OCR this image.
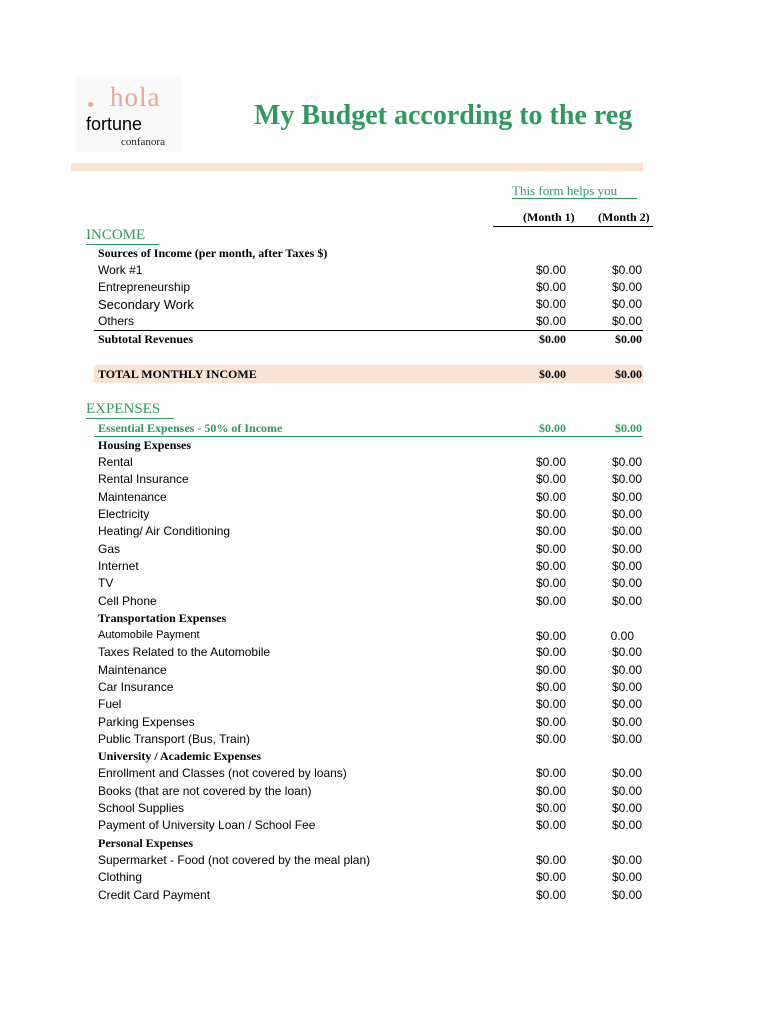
hola
fortune
confanora
My Budget according to the reg
This form helps you
(Month 1) (Month 2)
INCOME
Sources of Income (per month, after Taxes $)
Work #1	$0.00	$0.00
Entrepreneurship	$0.00	$0.00
Secondary Work	$0.00	$0.00
Others	$0.00	$0.00
Subtotal Revenues	$0.00	$0.00
TOTAL MONTHLY INCOME	$0.00	$0.00
EXPENSES
Essential Expenses - 50% of Income	$0.00	$0.00
Housing Expenses
Rental	$0.00	$0.00
Rental Insurance	$0.00	$0.00
Maintenance	$0.00	$0.00
Electricity	$0.00	$0.00
Heating/ Air Conditioning	$0.00	$0.00
Gas	$0.00	$0.00
Internet	$0.00	$0.00
TV	$0.00	$0.00
Cell Phone	$0.00	$0.00
Transportation Expenses
Automobile Payment	$0.00	0.00
Taxes Related to the Automobile	$0.00	$0.00
Maintenance	$0.00	$0.00
Car Insurance	$0.00	$0.00
Fuel	$0.00	$0.00
Parking Expenses	$0.00	$0.00
Public Transport (Bus, Train)	$0.00	$0.00
University / Academic Expenses
Enrollment and Classes (not covered by loans)	$0.00	$0.00
Books (that are not covered by the loan)	$0.00	$0.00
School Supplies	$0.00	$0.00
Payment of University Loan / School Fee	$0.00	$0.00
Personal Expenses
Supermarket - Food (not covered by the meal plan)	$0.00	$0.00
Clothing	$0.00	$0.00
Credit Card Payment	$0.00	$0.00
